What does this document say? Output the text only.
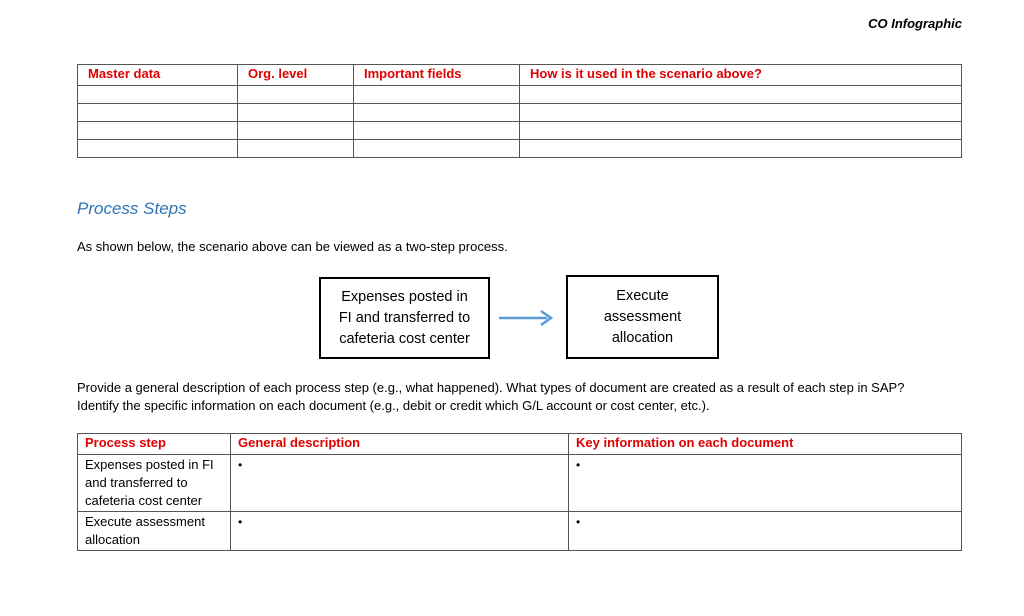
CO Infographic
Master data	Org. level	Important fields	How is it used in the scenario above?

Process Steps
As shown below, the scenario above can be viewed as a two-step process.
Expenses posted in
FI and transferred to
cafeteria cost center
Execute
assessment
allocation
Provide a general description of each process step (e.g., what happened). What types of document are created as a result of each step in SAP?
Identify the specific information on each document (e.g., debit or credit which G/L account or cost center, etc.).
Process step	General description	Key information on each document

Expenses posted in FI
and transferred to
cafeteria cost center	•	•

Execute assessment
allocation	•	•
